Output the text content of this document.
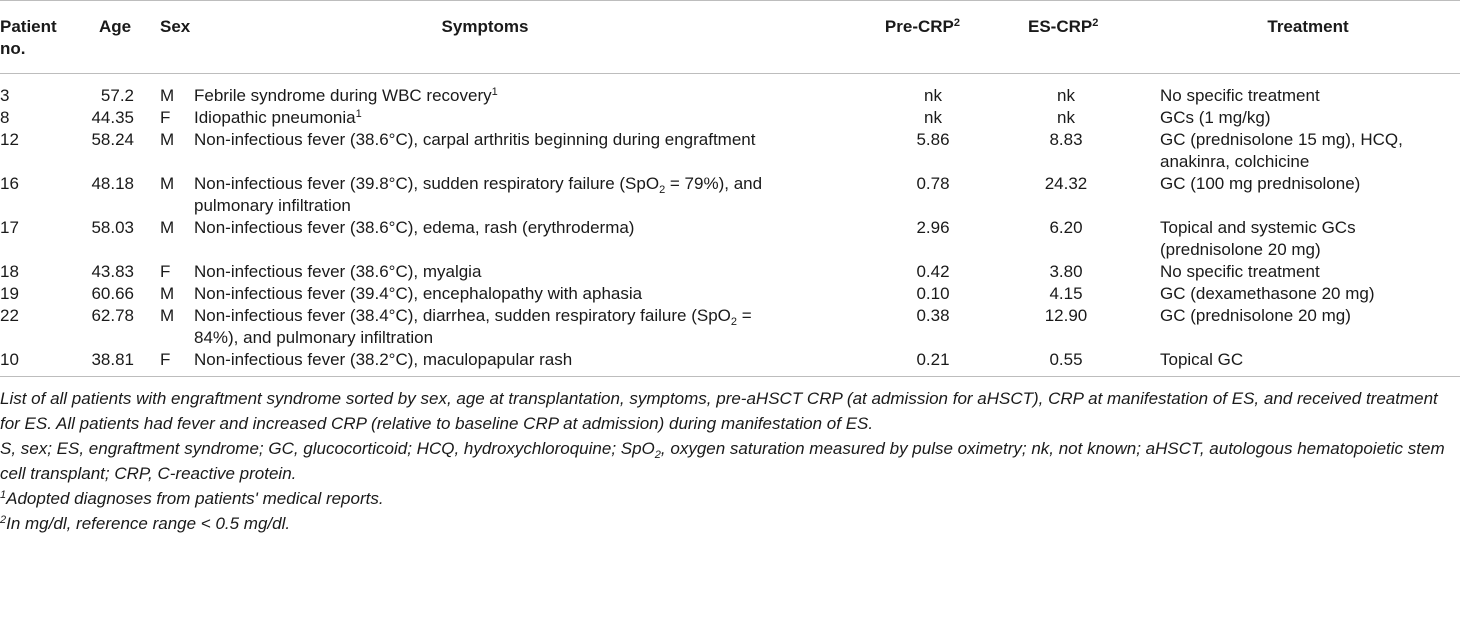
Patient no.	Age	Sex	Symptoms	Pre-CRP$^2$	ES-CRP$^2$	Treatment
3	57.2	M	Febrile syndrome during WBC recovery$^1$	nk	nk	No specific treatment
8	44.35	F	Idiopathic pneumonia$^1$	nk	nk	GCs (1 mg/kg)
12	58.24	M	Non-infectious fever (38.6°C), carpal arthritis beginning during engraftment	5.86	8.83	GC (prednisolone 15 mg), HCQ, anakinra, colchicine
16	48.18	M	Non-infectious fever (39.8°C), sudden respiratory failure (SpO$_2$ = 79%), and pulmonary infiltration	0.78	24.32	GC (100 mg prednisolone)
17	58.03	M	Non-infectious fever (38.6°C), edema, rash (erythroderma)	2.96	6.20	Topical and systemic GCs (prednisolone 20 mg)
18	43.83	F	Non-infectious fever (38.6°C), myalgia	0.42	3.80	No specific treatment
19	60.66	M	Non-infectious fever (39.4°C), encephalopathy with aphasia	0.10	4.15	GC (dexamethasone 20 mg)
22	62.78	M	Non-infectious fever (38.4°C), diarrhea, sudden respiratory failure (SpO$_2$ = 84%), and pulmonary infiltration	0.38	12.90	GC (prednisolone 20 mg)
10	38.81	F	Non-infectious fever (38.2°C), maculopapular rash	0.21	0.55	Topical GC

List of all patients with engraftment syndrome sorted by sex, age at transplantation, symptoms, pre-aHSCT CRP (at admission for aHSCT), CRP at manifestation of ES, and received treatment for ES. All patients had fever and increased CRP (relative to baseline CRP at admission) during manifestation of ES.

S, sex; ES, engraftment syndrome; GC, glucocorticoid; HCQ, hydroxychloroquine; SpO$_2$, oxygen saturation measured by pulse oximetry; nk, not known; aHSCT, autologous hematopoietic stem cell transplant; CRP, C-reactive protein.

$^1$Adopted diagnoses from patients' medical reports.

$^2$In mg/dl, reference range < 0.5 mg/dl.
